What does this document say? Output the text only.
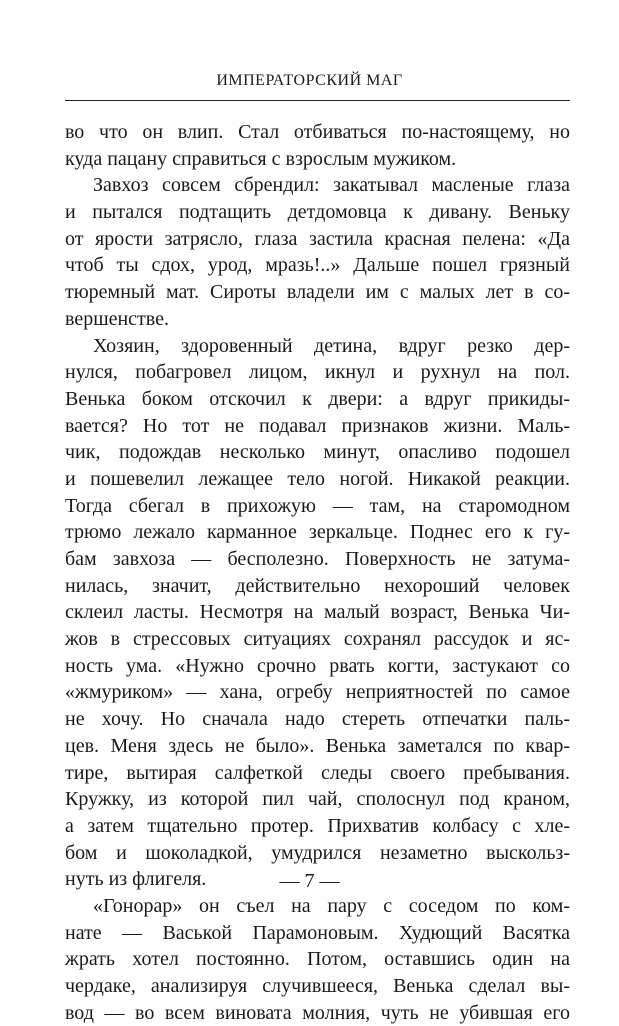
ИМПЕРАТОРСКИЙ МАГ
во что он влип. Стал отбиваться по-настоящему, но
куда пацану справиться с взрослым мужиком.
Завхоз совсем сбрендил: закатывал масленые глаза
и пытался подтащить детдомовца к дивану. Веньку
от ярости затрясло, глаза застила красная пелена: «Да
чтоб ты сдох, урод, мразь!..» Дальше пошел грязный
тюремный мат. Сироты владели им с малых лет в со-
вершенстве.
Хозяин, здоровенный детина, вдруг резко дер-
нулся, побагровел лицом, икнул и рухнул на пол.
Венька боком отскочил к двери: а вдруг прикиды-
вается? Но тот не подавал признаков жизни. Маль-
чик, подождав несколько минут, опасливо подошел
и пошевелил лежащее тело ногой. Никакой реакции.
Тогда сбегал в прихожую — там, на старомодном
трюмо лежало карманное зеркальце. Поднес его к гу-
бам завхоза — бесполезно. Поверхность не затума-
нилась, значит, действительно нехороший человек
склеил ласты. Несмотря на малый возраст, Венька Чи-
жов в стрессовых ситуациях сохранял рассудок и яс-
ность ума. «Нужно срочно рвать когти, застукают со
«жмуриком» — хана, огребу неприятностей по самое
не хочу. Но сначала надо стереть отпечатки паль-
цев. Меня здесь не было». Венька заметался по квар-
тире, вытирая салфеткой следы своего пребывания.
Кружку, из которой пил чай, сполоснул под краном,
а затем тщательно протер. Прихватив колбасу с хле-
бом и шоколадкой, умудрился незаметно выскольз-
нуть из флигеля.
«Гонорар» он съел на пару с соседом по ком-
нате — Васькой Парамоновым. Худющий Васятка
жрать хотел постоянно. Потом, оставшись один на
чердаке, анализируя случившееся, Венька сделал вы-
вод — во всем виновата молния, чуть не убившая его
— 7 —
